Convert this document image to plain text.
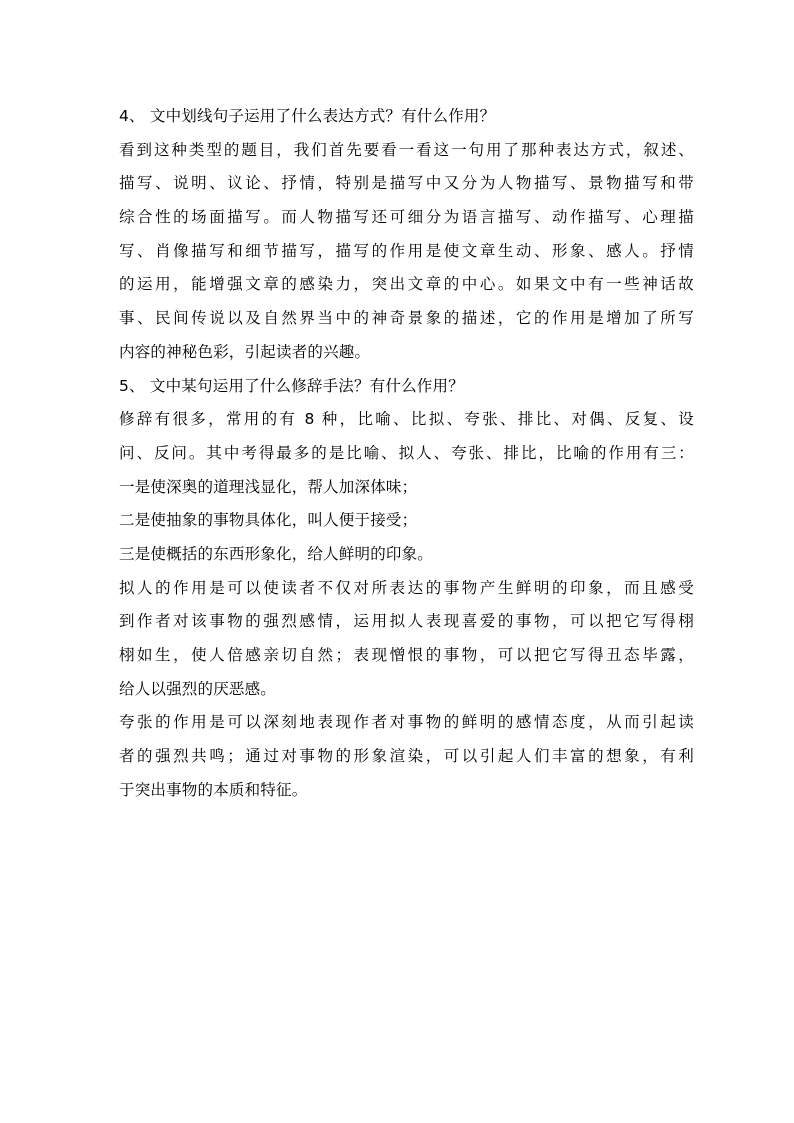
4、 文中划线句子运用了什么表达方式？有什么作用？
看到这种类型的题目，我们首先要看一看这一句用了那种表达方式，叙述、
描写、说明、议论、抒情，特别是描写中又分为人物描写、景物描写和带
综合性的场面描写。而人物描写还可细分为语言描写、动作描写、心理描
写、肖像描写和细节描写，描写的作用是使文章生动、形象、感人。抒情
的运用，能增强文章的感染力，突出文章的中心。如果文中有一些神话故
事、民间传说以及自然界当中的神奇景象的描述，它的作用是增加了所写
内容的神秘色彩，引起读者的兴趣。
5、 文中某句运用了什么修辞手法？有什么作用？
修辞有很多，常用的有 8 种，比喻、比拟、夸张、排比、对偶、反复、设
问、反问。其中考得最多的是比喻、拟人、夸张、排比，比喻的作用有三：
一是使深奥的道理浅显化，帮人加深体味；
二是使抽象的事物具体化，叫人便于接受；
三是使概括的东西形象化，给人鲜明的印象。
拟人的作用是可以使读者不仅对所表达的事物产生鲜明的印象，而且感受
到作者对该事物的强烈感情，运用拟人表现喜爱的事物，可以把它写得栩
栩如生，使人倍感亲切自然；表现憎恨的事物，可以把它写得丑态毕露，
给人以强烈的厌恶感。
夸张的作用是可以深刻地表现作者对事物的鲜明的感情态度，从而引起读
者的强烈共鸣；通过对事物的形象渲染，可以引起人们丰富的想象，有利
于突出事物的本质和特征。
